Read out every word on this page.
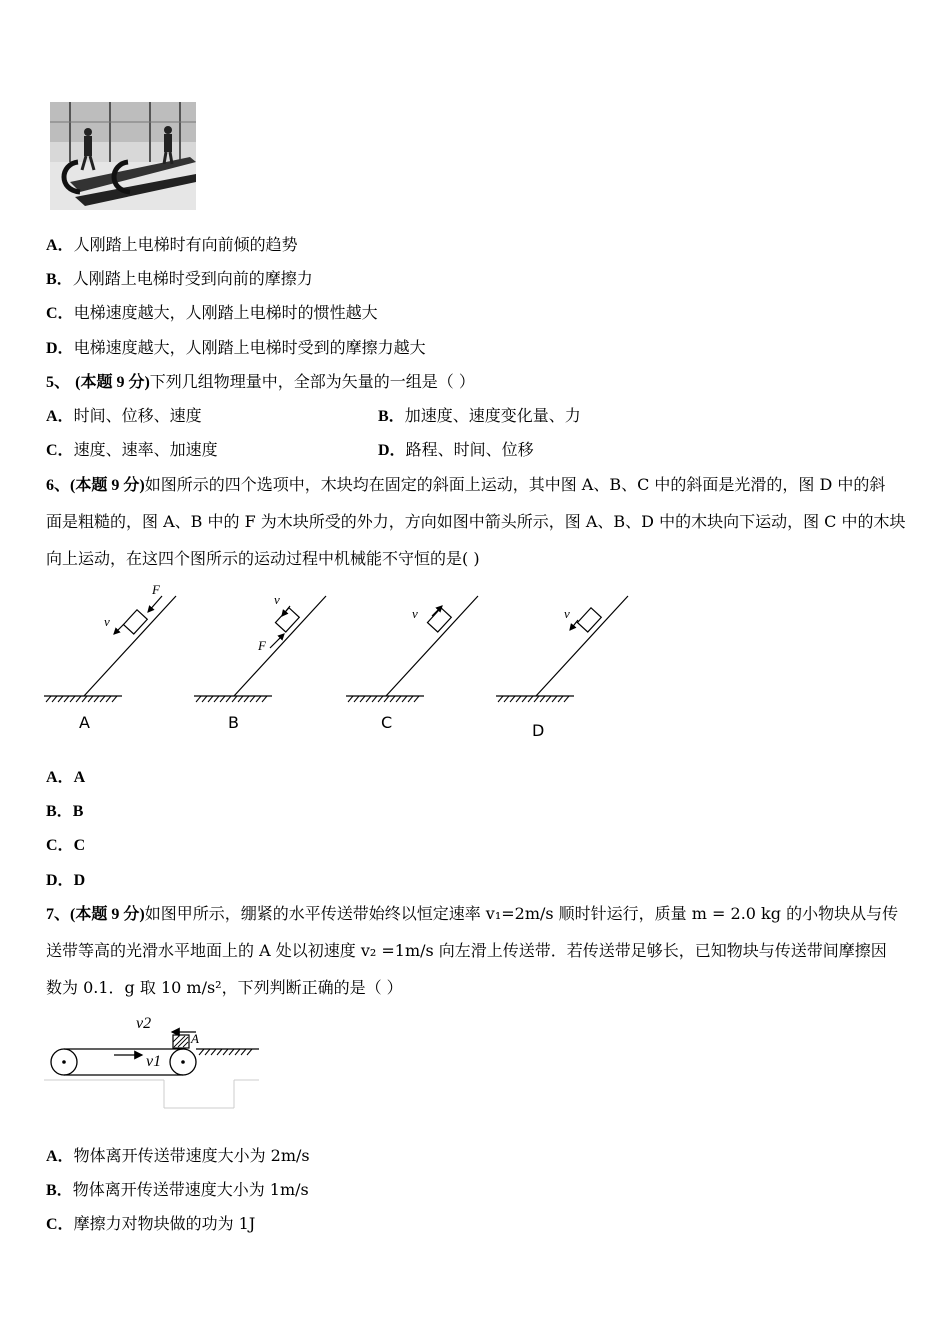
A．人刚踏上电梯时有向前倾的趋势
B．人刚踏上电梯时受到向前的摩擦力
C．电梯速度越大，人刚踏上电梯时的惯性越大
D．电梯速度越大，人刚踏上电梯时受到的摩擦力越大
5、 (本题 9 分)下列几组物理量中，全部为矢量的一组是（ ）
A．时间、位移、速度	B．加速度、速度变化量、力
C．速度、速率、加速度	D．路程、时间、位移
6、(本题 9 分)如图所示的四个选项中，木块均在固定的斜面上运动，其中图 A、B、C 中的斜面是光滑的，图 D 中的斜
面是粗糙的，图 A、B 中的 F 为木块所受的外力，方向如图中箭头所示，图 A、B、D 中的木块向下运动，图 C 中的木块
向上运动，在这四个图所示的运动过程中机械能不守恒的是( )
F
v
A
F
v
B
v
C
v
D
A．A
B．B
C．C
D．D
7、(本题 9 分)如图甲所示，绷紧的水平传送带始终以恒定速率 v₁=2m/s 顺时针运行，质量 m = 2.0 kg 的小物块从与传
送带等高的光滑水平地面上的 A 处以初速度 v₂ =1m/s 向左滑上传送带．若传送带足够长，已知物块与传送带间摩擦因
数为 0.1．g 取 10 m/s²，下列判断正确的是（ ）
A
v2
v1
A．物体离开传送带速度大小为 2m/s
B．物体离开传送带速度大小为 1m/s
C．摩擦力对物块做的功为 1J
